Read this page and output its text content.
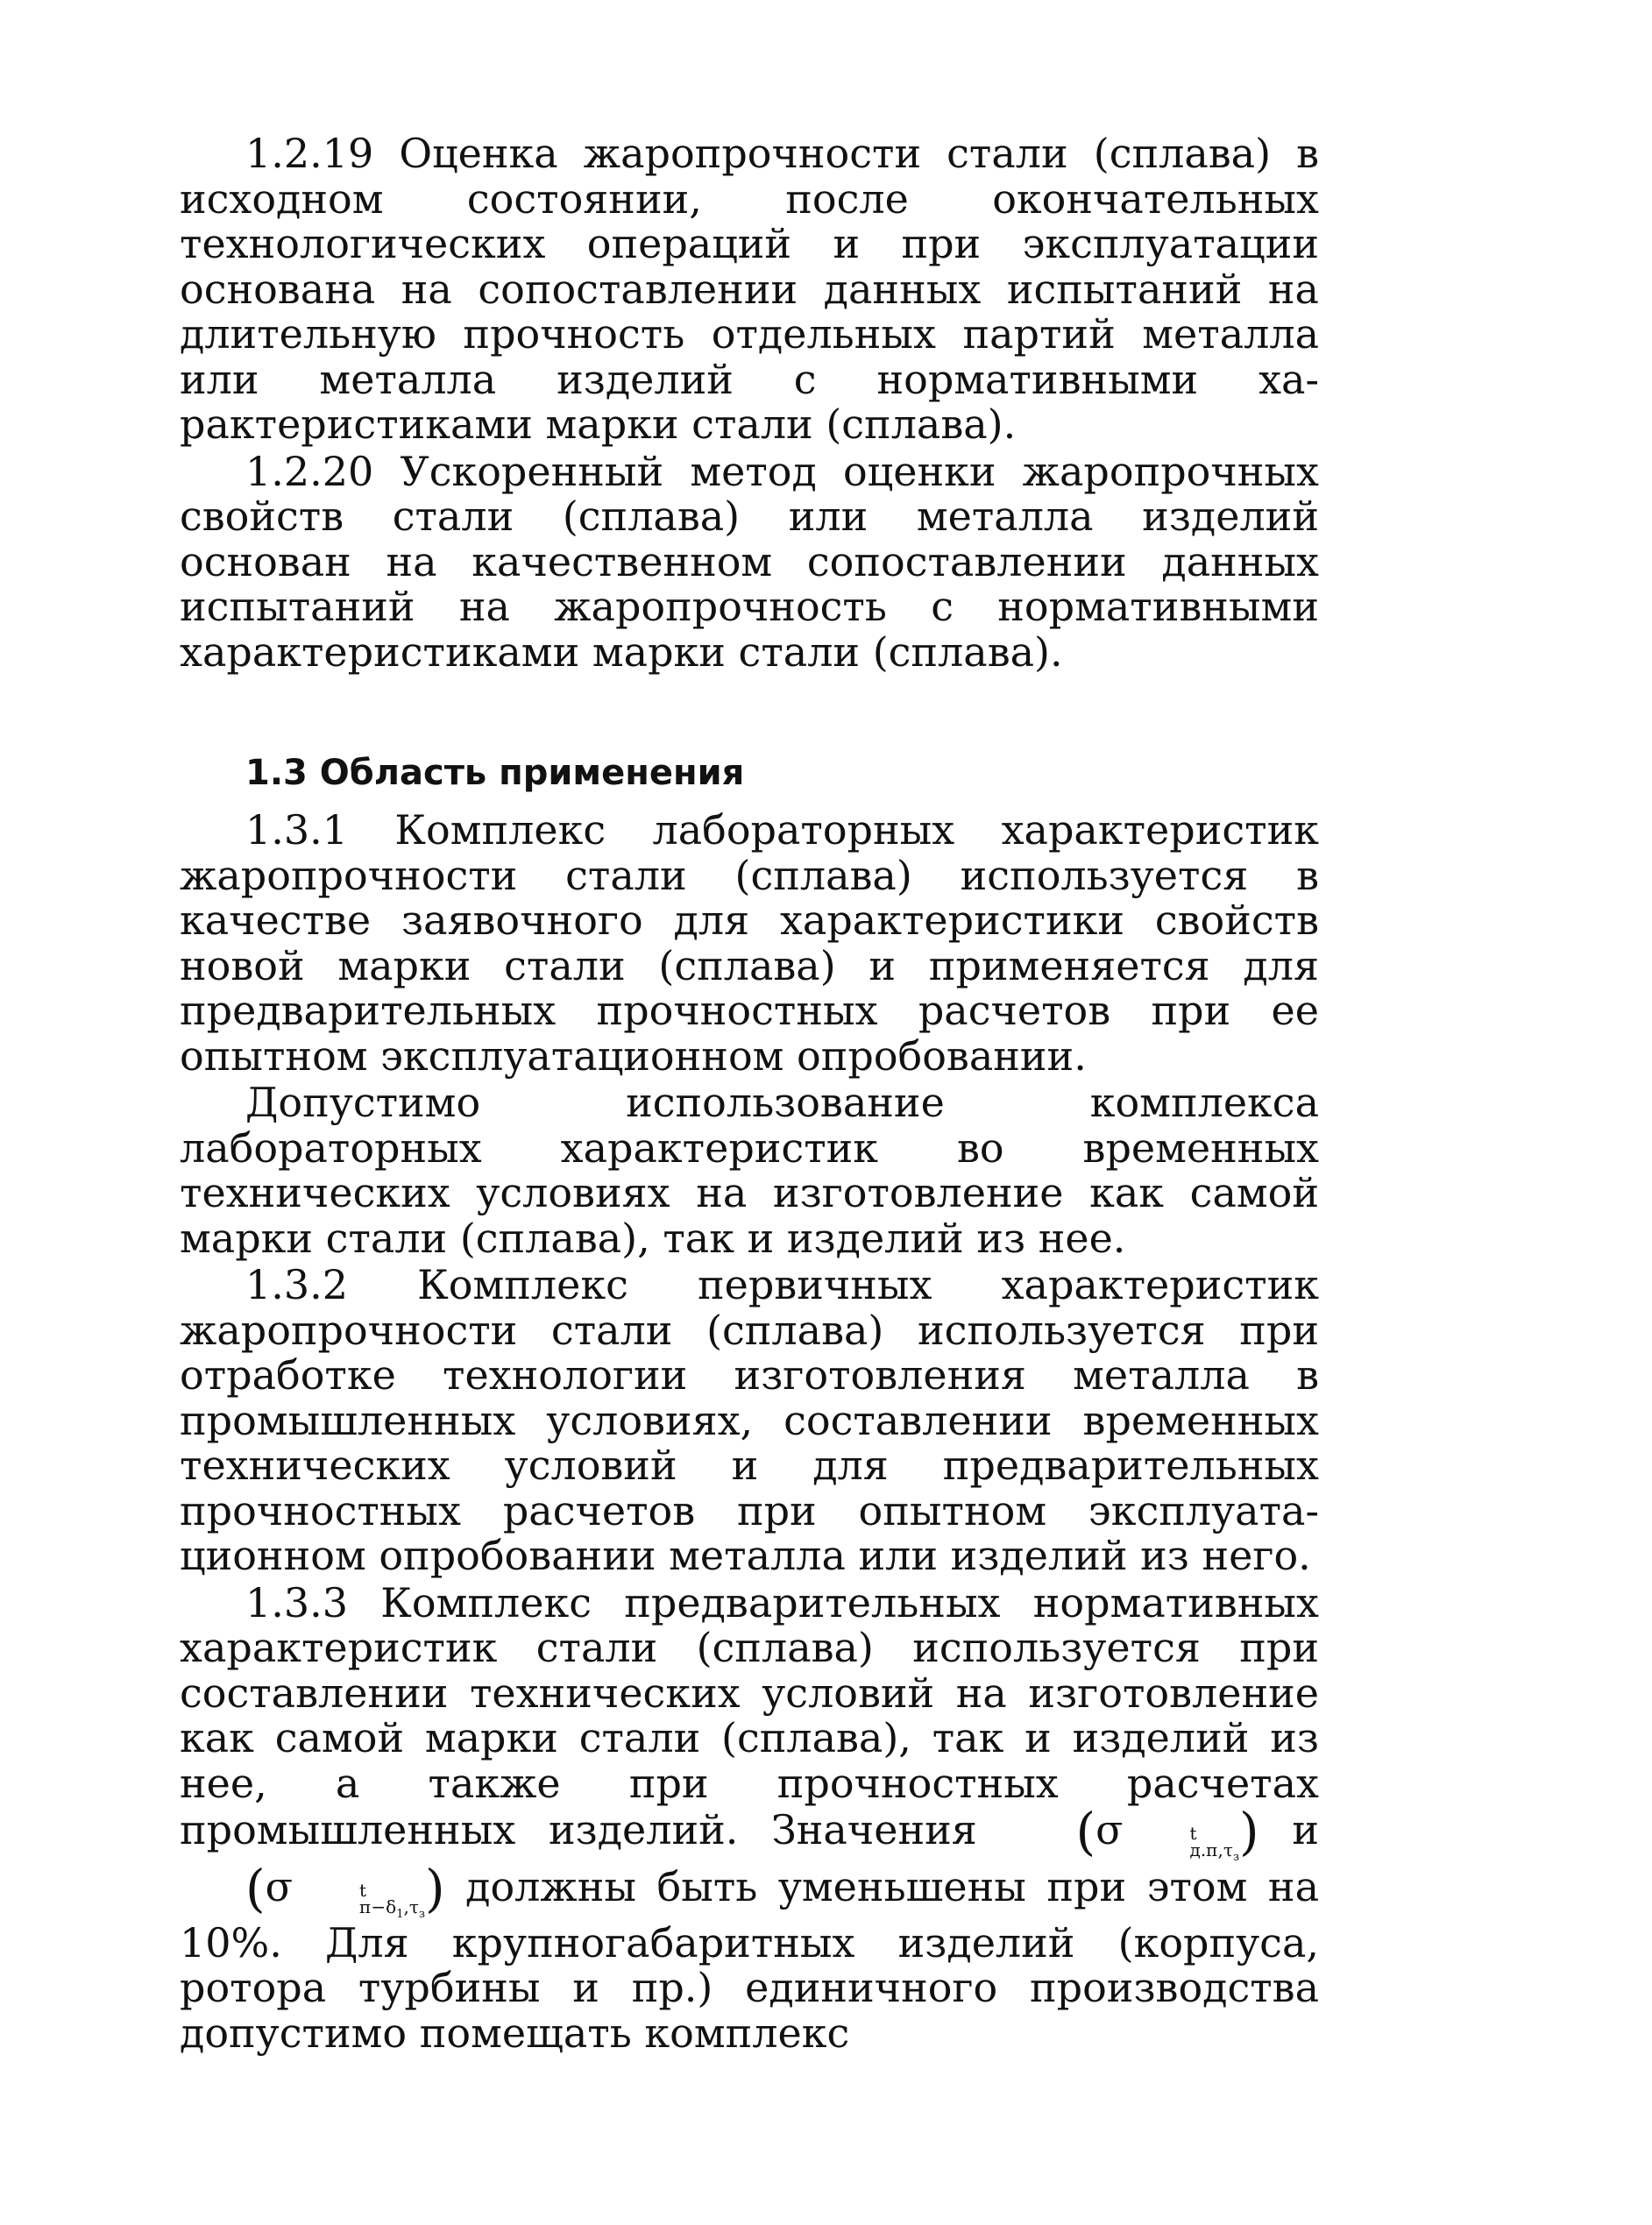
1.2.19 Оценка жаропрочности стали (сплава) в исходном состоянии, после окончательных технологических операций и при эксплуатации основана на сопоставлении данных испытаний на длительную прочность отдельных партий металла или металла изделий с нормативными характеристиками марки стали (сплава).

1.2.20 Ускоренный метод оценки жаропрочных свойств стали (сплава) или металла изделий основан на качественном сопоставлении данных испытаний на жаропрочность с нормативными характеристиками марки стали (сплава).

1.3 Область применения

1.3.1 Комплекс лабораторных характеристик жаропрочности стали (сплава) используется в качестве заявочного для характеристики свойств новой марки стали (сплава) и применяется для предварительных прочностных расчетов при ее опытном эксплуатационном опробовании.

Допустимо использование комплекса лабораторных характеристик во временных технических условиях на изготовление как самой марки стали (сплава), так и изделий из нее.

1.3.2 Комплекс первичных характеристик жаропрочности стали (сплава) используется при отработке технологии изготовления металла в промышленных условиях, составлении временных технических условий и для предварительных прочностных расчетов при опытном эксплуатационном опробовании металла или изделий из него.

1.3.3 Комплекс предварительных нормативных характеристик стали (сплава) используется при составлении технических условий на изготовление как самой марки стали (сплава), так и изделий из нее, а также при прочностных расчетах промышленных изделий. Значения (σ	t
$д.п,\tau_з$ ) и (σ	t
$п-\delta_1,\tau_з$ ) должны быть уменьшены при этом на 10%. Для крупногабаритных изделий (корпуса, ротора турбины и пр.) единичного производства допустимо помещать комплекс
